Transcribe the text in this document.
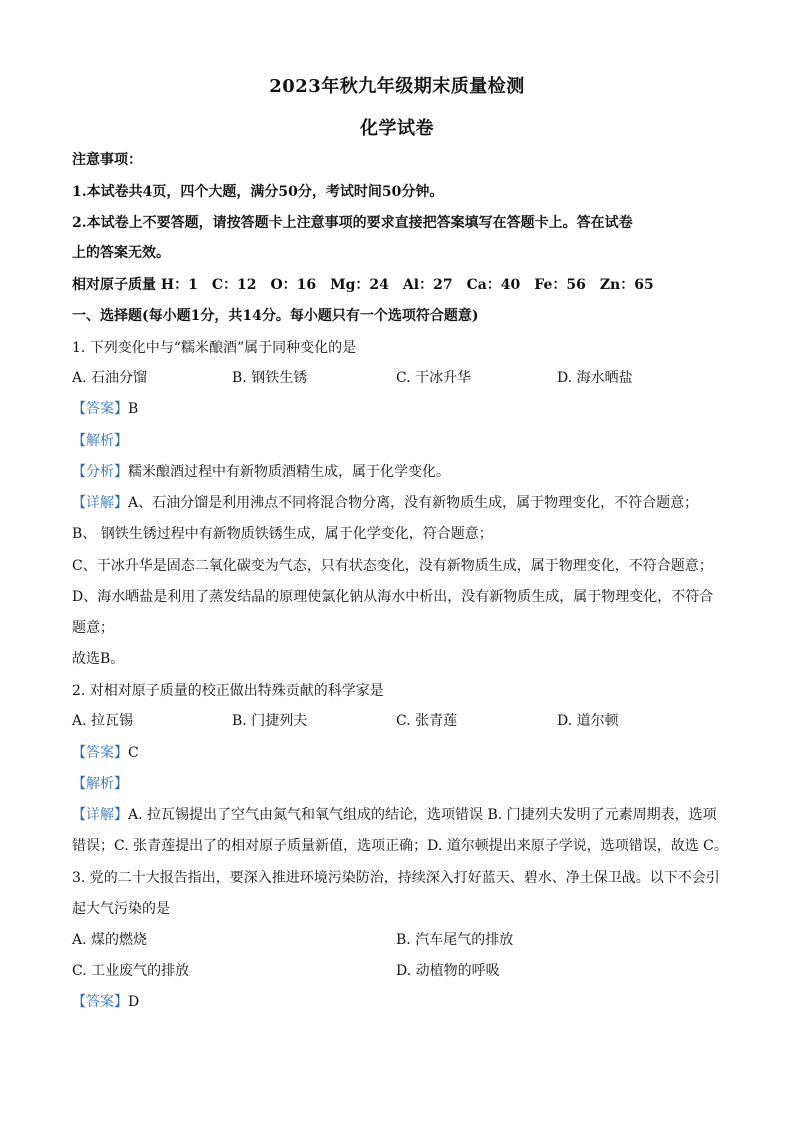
2023年秋九年级期末质量检测
化学试卷
注意事项：
1.本试卷共4页，四个大题，满分50分，考试时间50分钟。
2.本试卷上不要答题，请按答题卡上注意事项的要求直接把答案填写在答题卡上。答在试卷
上的答案无效。
相对原子质量 H：1　C：12　O：16　Mg：24　Al：27　Ca：40　Fe：56　Zn：65
一、选择题(每小题1分，共14分。每小题只有一个选项符合题意)
1. 下列变化中与“糯米酿酒”属于同种变化的是
A. 石油分馏	B. 钢铁生锈	C. 干冰升华	D. 海水晒盐
【答案】B
【解析】
【分析】糯米酿酒过程中有新物质酒精生成，属于化学变化。
【详解】A、石油分馏是利用沸点不同将混合物分离，没有新物质生成，属于物理变化，不符合题意；
B、 钢铁生锈过程中有新物质铁锈生成，属于化学变化，符合题意；
C、干冰升华是固态二氧化碳变为气态，只有状态变化，没有新物质生成，属于物理变化，不符合题意；
D、海水晒盐是利用了蒸发结晶的原理使氯化钠从海水中析出，没有新物质生成，属于物理变化，不符合
题意；
故选B。
2. 对相对原子质量的校正做出特殊贡献的科学家是
A. 拉瓦锡	B. 门捷列夫	C. 张青莲	D. 道尔顿
【答案】C
【解析】
【详解】A. 拉瓦锡提出了空气由氮气和氧气组成的结论，选项错误 B. 门捷列夫发明了元素周期表，选项
错误；C. 张青莲提出了的相对原子质量新值，选项正确；D. 道尔顿提出来原子学说，选项错误，故选 C。
3. 党的二十大报告指出，要深入推进环境污染防治，持续深入打好蓝天、碧水、净土保卫战。以下不会引
起大气污染的是
A. 煤的燃烧	B. 汽车尾气的排放
C. 工业废气的排放	D. 动植物的呼吸
【答案】D
